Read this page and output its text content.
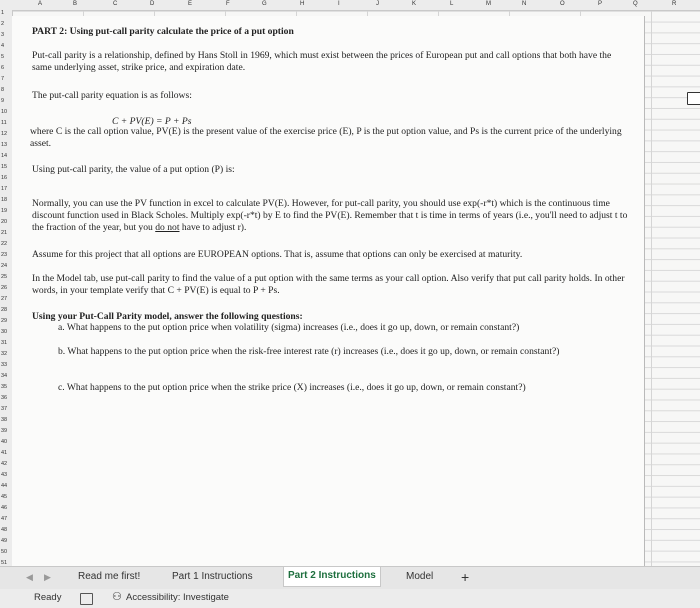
A	B	C	D	E	F	G	H	I	J	K	L	M	N	O	P	Q	R
1
2
3
4
5
6
7
8
9
10
11
12
13
14
15
16
17
18
19
20
21
22
23
24
25
26
27
28
29
30
31
32
33
34
35
36
37
38
39
40
41
42
43
44
45
46
47
48
49
50
51

PART 2: Using put-call parity calculate the price of a put option

Put-call parity is a relationship, defined by Hans Stoll in 1969, which must exist between the prices of European put and call options that both have the same underlying asset, strike price, and expiration date.

The put-call parity equation is as follows:

C + PV(E) = P + Ps

where C is the call option value, PV(E) is the present value of the exercise price (E), P is the put option value, and Ps is the current price of the underlying asset.

Using put-call parity, the value of a put option (P) is:

Normally, you can use the PV function in excel to calculate PV(E). However, for put-call parity, you should use exp(-r*t) which is the continuous time discount function used in Black Scholes. Multiply exp(-r*t) by E to find the PV(E). Remember that t is time in terms of years (i.e., you'll need to adjust t to the fraction of the year, but you do not have to adjust r).

Assume for this project that all options are EUROPEAN options. That is, assume that options can only be exercised at maturity.

In the Model tab, use put-call parity to find the value of a put option with the same terms as your call option. Also verify that put call parity holds. In other words, in your template verify that C + PV(E) is equal to P + Ps.

Using your Put-Call Parity model, answer the following questions:

a. What happens to the put option price when volatility (sigma) increases (i.e., does it go up, down, or remain constant?)

b. What happens to the put option price when the risk-free interest rate (r) increases (i.e., does it go up, down, or remain constant?)

c. What happens to the put option price when the strike price (X) increases (i.e., does it go up, down, or remain constant?)

◀ ▶	Read me first!	Part 1 Instructions	Part 2 Instructions	Model +
Ready	⚇ Accessibility: Investigate
